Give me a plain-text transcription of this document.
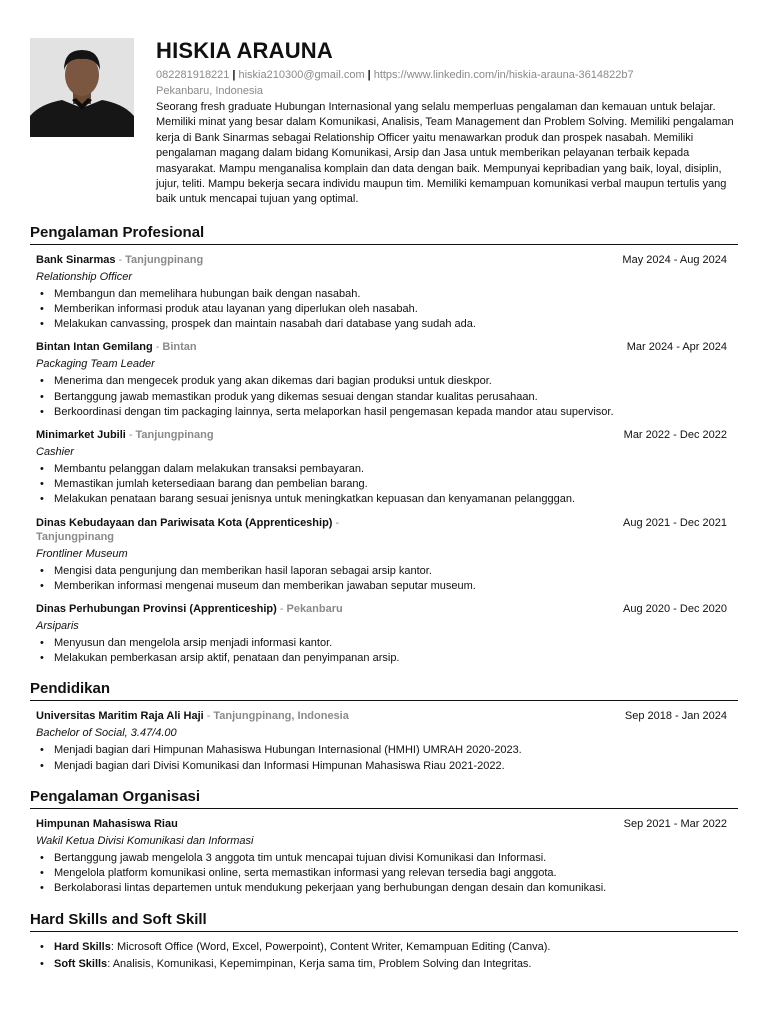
HISKIA ARAUNA
082281918221 | hiskia210300@gmail.com | https://www.linkedin.com/in/hiskia-arauna-3614822b7
Pekanbaru, Indonesia
Seorang fresh graduate Hubungan Internasional yang selalu memperluas pengalaman dan kemauan untuk belajar. Memiliki minat yang besar dalam Komunikasi, Analisis, Team Management dan Problem Solving. Memiliki pengalaman kerja di Bank Sinarmas sebagai Relationship Officer yaitu menawarkan produk dan prospek nasabah. Memiliki pengalaman magang dalam bidang Komunikasi, Arsip dan Jasa untuk memberikan pelayanan terbaik kepada masyarakat. Mampu menganalisa komplain dan data dengan baik. Mempunyai kepribadian yang baik, loyal, disiplin, jujur, teliti. Mampu bekerja secara individu maupun tim. Memiliki kemampuan komunikasi verbal maupun tertulis yang baik untuk mencapai tujuan yang optimal.
Pengalaman Profesional
Bank Sinarmas - Tanjungpinang	May 2024 - Aug 2024
Relationship Officer
• Membangun dan memelihara hubungan baik dengan nasabah.
• Memberikan informasi produk atau layanan yang diperlukan oleh nasabah.
• Melakukan canvassing, prospek dan maintain nasabah dari database yang sudah ada.
Bintan Intan Gemilang - Bintan	Mar 2024 - Apr 2024
Packaging Team Leader
• Menerima dan mengecek produk yang akan dikemas dari bagian produksi untuk dieskpor.
• Bertanggung jawab memastikan produk yang dikemas sesuai dengan standar kualitas perusahaan.
• Berkoordinasi dengan tim packaging lainnya, serta melaporkan hasil pengemasan kepada mandor atau supervisor.
Minimarket Jubili - Tanjungpinang	Mar 2022 - Dec 2022
Cashier
• Membantu pelanggan dalam melakukan transaksi pembayaran.
• Memastikan jumlah ketersediaan barang dan pembelian barang.
• Melakukan penataan barang sesuai jenisnya untuk meningkatkan kepuasan dan kenyamanan pelangggan.
Dinas Kebudayaan dan Pariwisata Kota (Apprenticeship) -Tanjungpinang
Aug 2021 - Dec 2021
Frontliner Museum
• Mengisi data pengunjung dan memberikan hasil laporan sebagai arsip kantor.
• Memberikan informasi mengenai museum dan memberikan jawaban seputar museum.
Dinas Perhubungan Provinsi (Apprenticeship) - Pekanbaru	Aug 2020 - Dec 2020
Arsiparis
• Menyusun dan mengelola arsip menjadi informasi kantor.
• Melakukan pemberkasan arsip aktif, penataan dan penyimpanan arsip.
Pendidikan
Universitas Maritim Raja Ali Haji - Tanjungpinang, Indonesia	Sep 2018 - Jan 2024
Bachelor of Social, 3.47/4.00
• Menjadi bagian dari Himpunan Mahasiswa Hubungan Internasional (HMHI) UMRAH 2020-2023.
• Menjadi bagian dari Divisi Komunikasi dan Informasi Himpunan Mahasiswa Riau 2021-2022.
Pengalaman Organisasi
Himpunan Mahasiswa Riau	Sep 2021 - Mar 2022
Wakil Ketua Divisi Komunikasi dan Informasi
• Bertanggung jawab mengelola 3 anggota tim untuk mencapai tujuan divisi Komunikasi dan Informasi.
• Mengelola platform komunikasi online, serta memastikan informasi yang relevan tersedia bagi anggota.
• Berkolaborasi lintas departemen untuk mendukung pekerjaan yang berhubungan dengan desain dan komunikasi.
Hard Skills and Soft Skill
• Hard Skills: Microsoft Office (Word, Excel, Powerpoint), Content Writer, Kemampuan Editing (Canva).
• Soft Skills: Analisis, Komunikasi, Kepemimpinan, Kerja sama tim, Problem Solving dan Integritas.
